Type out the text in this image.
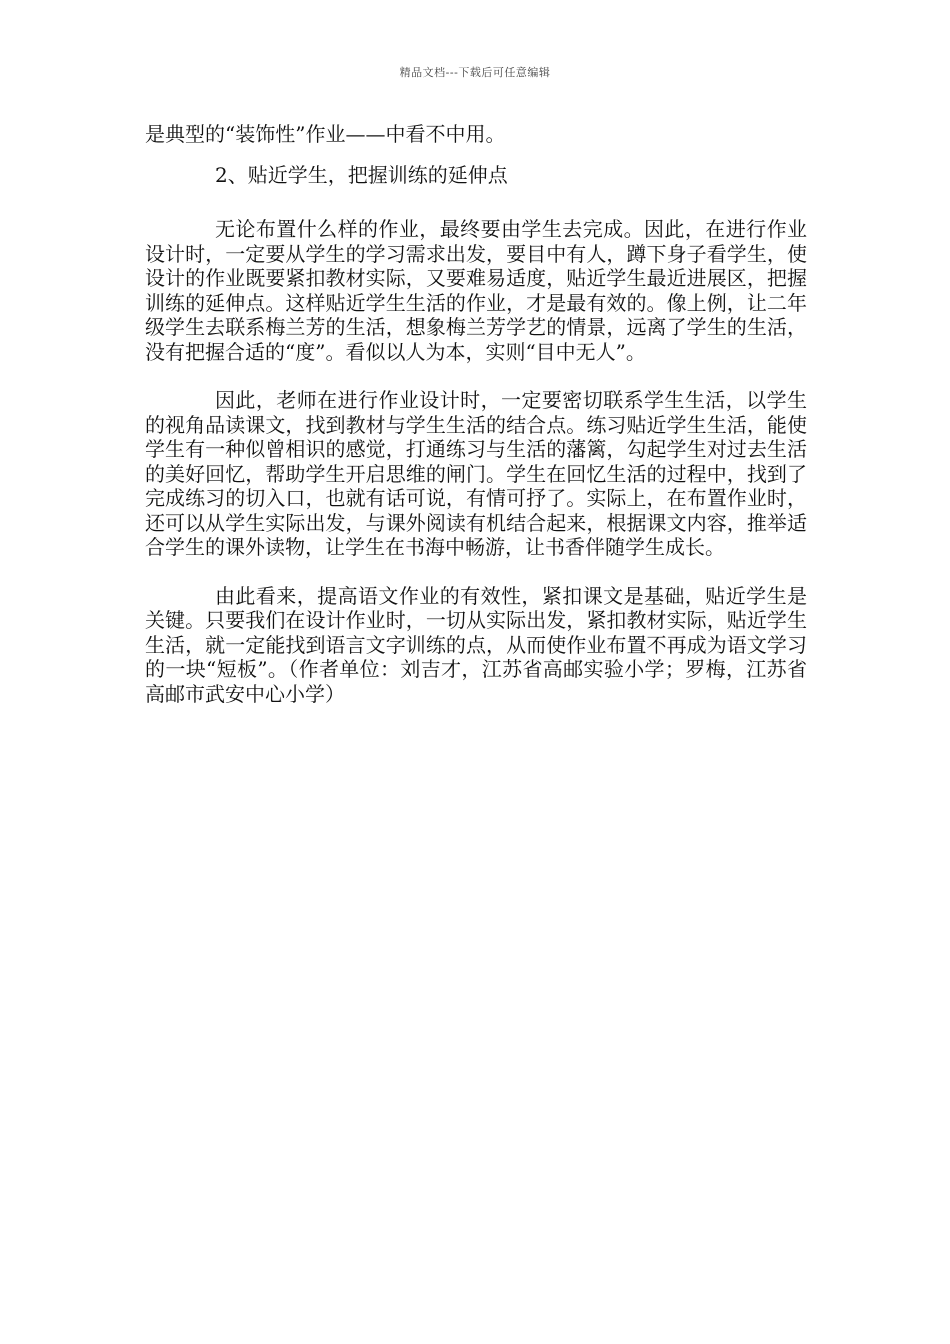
精品文档---下载后可任意编辑

是典型的“装饰性”作业——中看不中用。

2、贴近学生，把握训练的延伸点

无论布置什么样的作业，最终要由学生去完成。因此，在进行作业设计时，一定要从学生的学习需求出发，要目中有人，蹲下身子看学生，使设计的作业既要紧扣教材实际，又要难易适度，贴近学生最近进展区，把握训练的延伸点。这样贴近学生生活的作业，才是最有效的。像上例，让二年级学生去联系梅兰芳的生活，想象梅兰芳学艺的情景，远离了学生的生活，没有把握合适的“度”。看似以人为本，实则“目中无人”。

因此，老师在进行作业设计时，一定要密切联系学生生活，以学生的视角品读课文，找到教材与学生生活的结合点。练习贴近学生生活，能使学生有一种似曾相识的感觉，打通练习与生活的藩篱，勾起学生对过去生活的美好回忆，帮助学生开启思维的闸门。学生在回忆生活的过程中，找到了完成练习的切入口，也就有话可说，有情可抒了。实际上，在布置作业时，还可以从学生实际出发，与课外阅读有机结合起来，根据课文内容，推举适合学生的课外读物，让学生在书海中畅游，让书香伴随学生成长。

由此看来，提高语文作业的有效性，紧扣课文是基础，贴近学生是关键。只要我们在设计作业时，一切从实际出发，紧扣教材实际，贴近学生生活，就一定能找到语言文字训练的点，从而使作业布置不再成为语文学习的一块“短板”。（作者单位：刘吉才，江苏省高邮实验小学；罗梅，江苏省高邮市武安中心小学）
